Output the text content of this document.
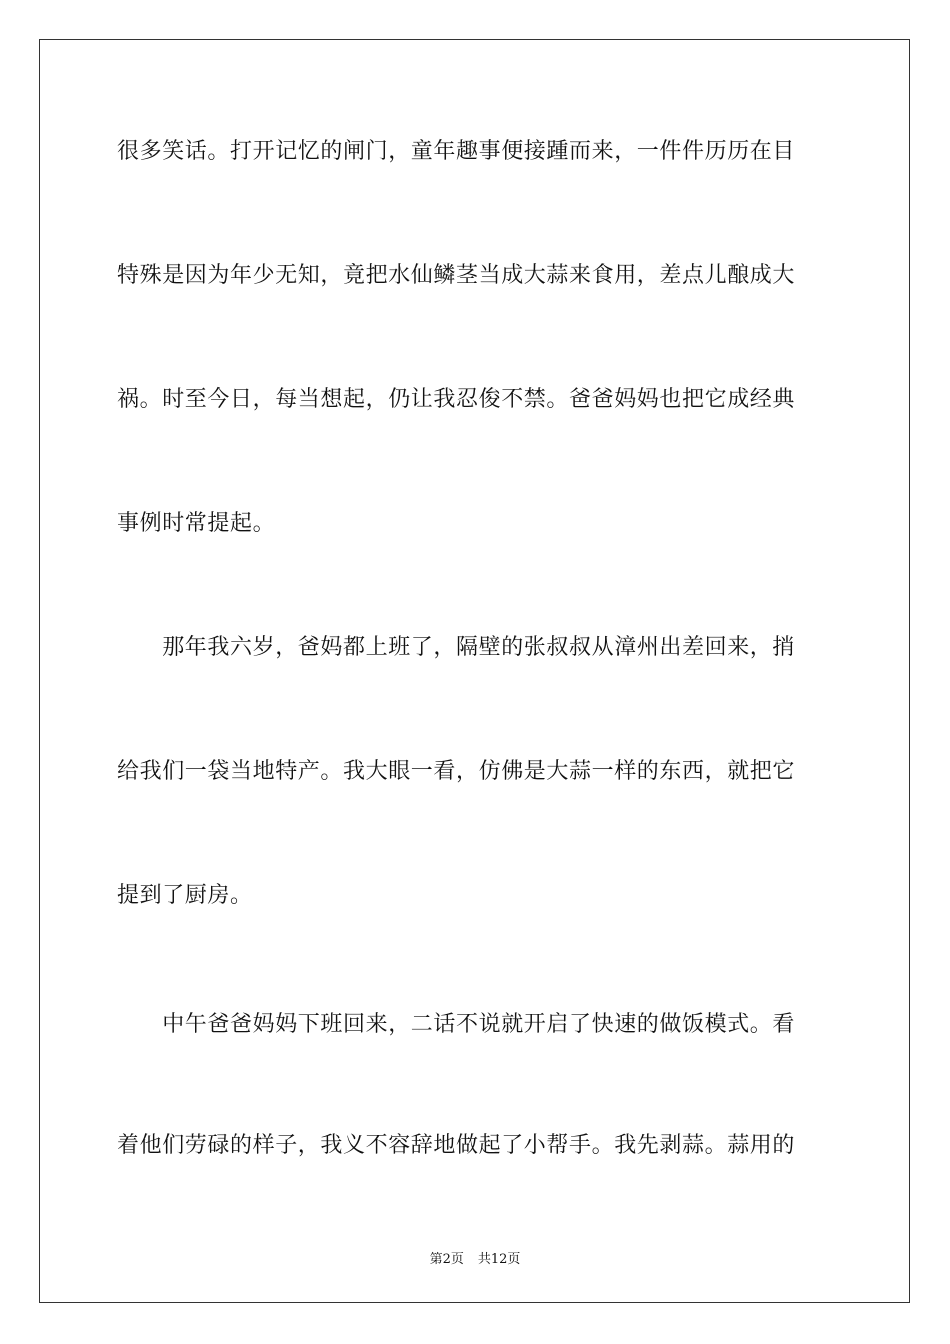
很多笑话。打开记忆的闸门，童年趣事便接踵而来，一件件历历在目
特殊是因为年少无知，竟把水仙鳞茎当成大蒜来食用，差点儿酿成大
祸。时至今日，每当想起，仍让我忍俊不禁。爸爸妈妈也把它成经典
事例时常提起。
　　那年我六岁，爸妈都上班了，隔壁的张叔叔从漳州出差回来，捎
给我们一袋当地特产。我大眼一看，仿佛是大蒜一样的东西，就把它
提到了厨房。
　　中午爸爸妈妈下班回来，二话不说就开启了快速的做饭模式。看
着他们劳碌的样子，我义不容辞地做起了小帮手。我先剥蒜。蒜用的
第2页 共12页
